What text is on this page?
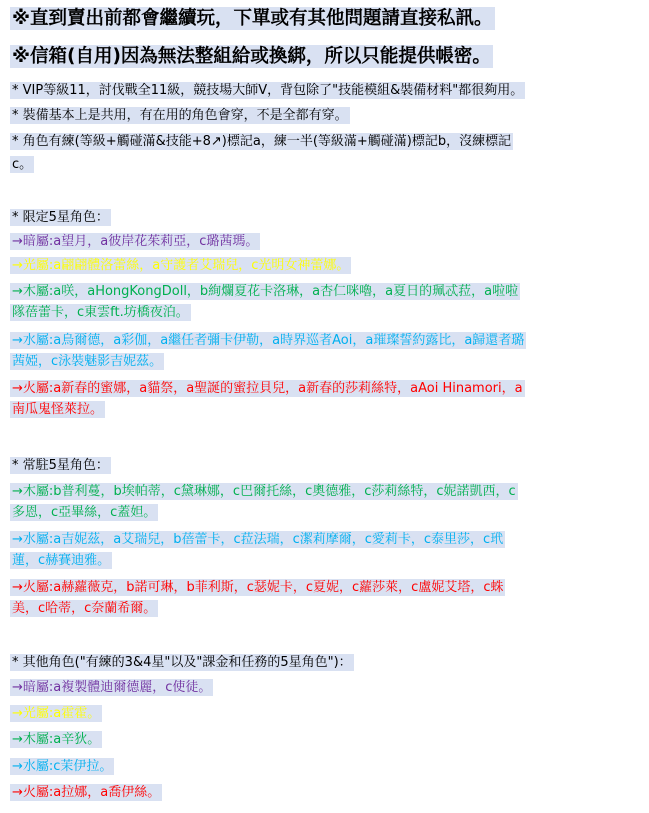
※直到賣出前都會繼續玩，下單或有其他問題請直接私訊。
※信箱(自用)因為無法整組給或換綁，所以只能提供帳密。
* VIP等級11，討伐戰全11級，競技場大師V，背包除了"技能模組&裝備材料"都很夠用。
* 裝備基本上是共用，有在用的角色會穿，不是全都有穿。
* 角色有練(等級+觸碰滿&技能+8↗)標記a，練一半(等級滿+觸碰滿)標記b，沒練標記
c。
* 限定5星角色：
→暗屬:a望月，a彼岸花茱莉亞，c璐茜瑪。
→光屬:a翩翩體洛蕾絲，a守護者艾瑞兒，c光明女神蕾娜。
→木屬:a咲，aHongKongDoll，b絢爛夏花卡洛琳，a杏仁咪嚕，a夏日的珮忒菈，a啦啦
隊蓓蕾卡，c東雲ft.坊橋夜泊。
→水屬:a烏爾德，a彩伽，a繼任者彌卡伊勒，a時界巡者Aoi，a璀璨誓約露比，a歸還者璐
茜婭，c泳裝魅影吉妮茲。
→火屬:a新春的蜜娜，a貓祭，a聖誕的蜜拉貝兒，a新春的莎莉絲特，aAoi Hinamori，a
南瓜鬼怪萊拉。
* 常駐5星角色：
→木屬:b普利蔓，b埃帕蒂，c黛琳娜，c巴爾托絲，c奧德雅，c莎莉絲特，c妮諾凱西，c
多恩，c亞畢絲，c蓋妲。
→水屬:a吉妮茲，a艾瑞兒，b蓓蕾卡，c菈法瑞，c潔莉摩爾，c愛莉卡，c泰里莎，c玳
蓮，c赫賽迪雅。
→火屬:a赫蘿薇克，b諾可琳，b菲利斯，c瑟妮卡，c夏妮，c蘿莎萊，c盧妮艾塔，c蛛
美，c哈蒂，c奈蘭希爾。
* 其他角色("有練的3&4星"以及"課金和任務的5星角色")：
→暗屬:a複製體迪爾德麗，c使徒。
→光屬:a霍霍。
→木屬:a辛狄。
→水屬:c茉伊拉。
→火屬:a拉娜，a喬伊絲。
